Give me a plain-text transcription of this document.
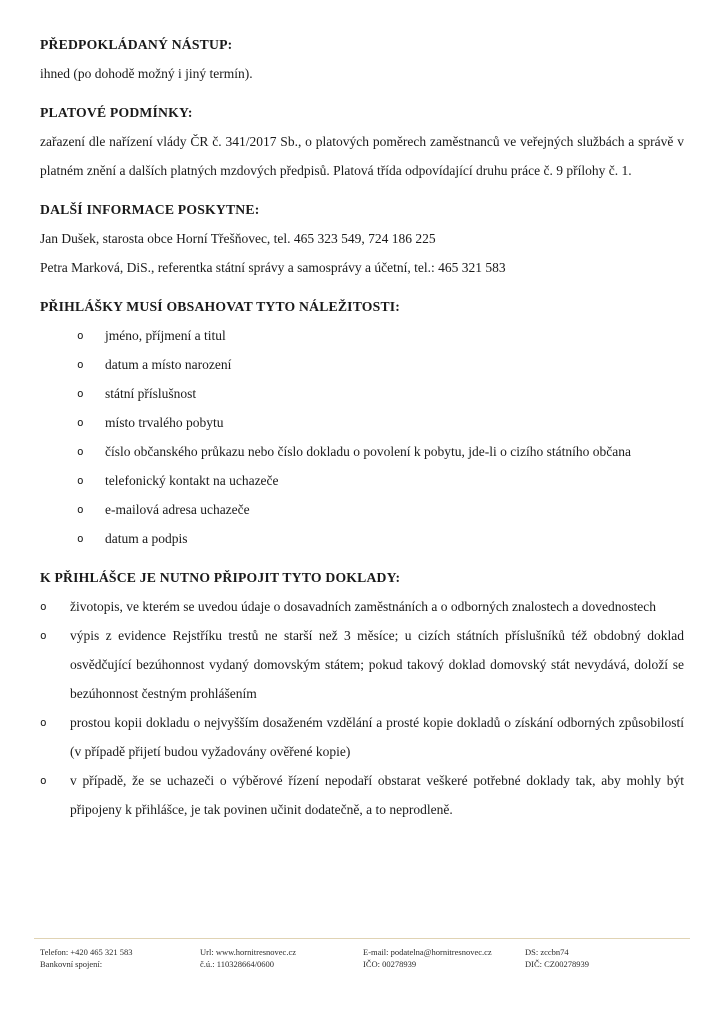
PŘEDPOKLÁDANÝ NÁSTUP:

ihned (po dohodě možný i jiný termín).

PLATOVÉ PODMÍNKY:

zařazení dle nařízení vlády ČR č. 341/2017 Sb., o platových poměrech zaměstnanců ve veřejných službách a správě v platném znění a dalších platných mzdových předpisů. Platová třída odpovídající druhu práce č. 9 přílohy č. 1.

DALŠÍ INFORMACE POSKYTNE:

Jan Dušek, starosta obce Horní Třešňovec, tel. 465 323 549, 724 186 225

Petra Marková, DiS., referentka státní správy a samosprávy a účetní, tel.: 465 321 583

PŘIHLÁŠKY MUSÍ OBSAHOVAT TYTO NÁLEŽITOSTI:
o jméno, příjmení a titul
o datum a místo narození
o státní příslušnost
o místo trvalého pobytu
o číslo občanského průkazu nebo číslo dokladu o povolení k pobytu, jde-li o cizího státního občana
o telefonický kontakt na uchazeče
o e-mailová adresa uchazeče
o datum a podpis
K PŘIHLÁŠCE JE NUTNO PŘIPOJIT TYTO DOKLADY:
o životopis, ve kterém se uvedou údaje o dosavadních zaměstnáních a o odborných znalostech a dovednostech
o výpis z evidence Rejstříku trestů ne starší než 3 měsíce; u cizích státních příslušníků též obdobný doklad osvědčující bezúhonnost vydaný domovským státem; pokud takový doklad domovský stát nevydává, doloží se bezúhonnost čestným prohlášením
o prostou kopii dokladu o nejvyšším dosaženém vzdělání a prosté kopie dokladů o získání odborných způsobilostí (v případě přijetí budou vyžadovány ověřené kopie)
o v případě, že se uchazeči o výběrové řízení nepodaří obstarat veškeré potřebné doklady tak, aby mohly být připojeny k přihlášce, je tak povinen učinit dodatečně, a to neprodleně.
Telefon: +420 465 321 583
Bankovní spojení:
Url: www.hornitresnovec.cz
č.ú.: 110328664/0600
E-mail: podatelna@hornitresnovec.cz
IČO: 00278939
DS: zccbn74
DIČ: CZ00278939
